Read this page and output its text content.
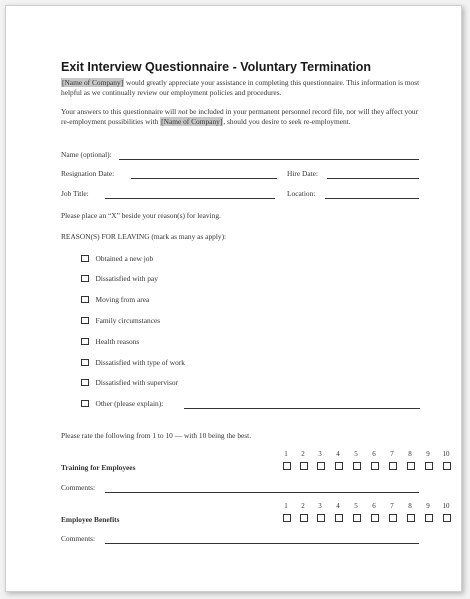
Exit Interview Questionnaire - Voluntary Termination
[Name of Company] would greatly appreciate your assistance in completing this questionnaire. This information is most helpful as we continually review our employment policies and procedures.
Your answers to this questionnaire will not be included in your permanent personnel record file, nor will they affect your re-employment possibilities with [Name of Company], should you desire to seek re-employment.
Name (optional):
Resignation Date:	Hire Date:
Job Title:	Location:
Please place an “X” beside your reason(s) for leaving.
REASON(S) FOR LEAVING (mark as many as apply):
Obtained a new job
Dissatisfied with pay
Moving from area
Family circumstances
Health reasons
Dissatisfied with type of work
Dissatisfied with supervisor
Other (please explain):
Please rate the following from 1 to 10 — with 10 being the best.
1	2	3	4	5	6	7	8	9	10
Training for Employees
Comments:
1	2	3	4	5	6	7	8	9	10
Employee Benefits
Comments:
